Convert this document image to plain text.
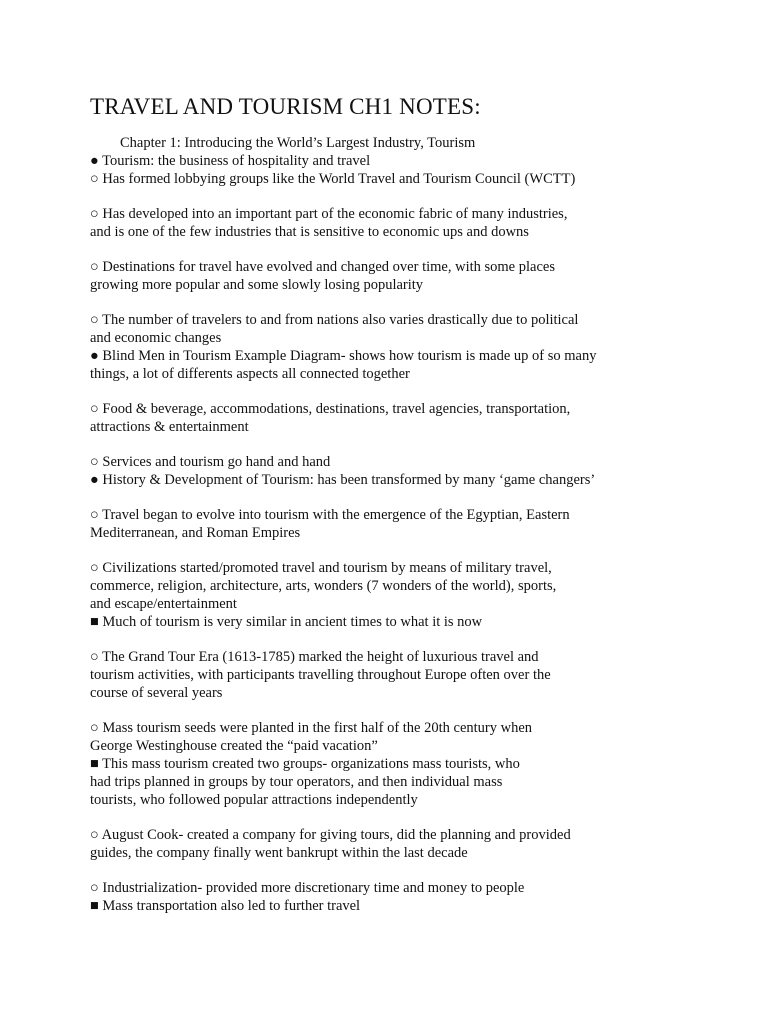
TRAVEL AND TOURISM CH1 NOTES:
Chapter 1: Introducing the World’s Largest Industry, Tourism
● Tourism: the business of hospitality and travel
○ Has formed lobbying groups like the World Travel and Tourism Council (WCTT)
○ Has developed into an important part of the economic fabric of many industries,
and is one of the few industries that is sensitive to economic ups and downs
○ Destinations for travel have evolved and changed over time, with some places
growing more popular and some slowly losing popularity
○ The number of travelers to and from nations also varies drastically due to political
and economic changes
● Blind Men in Tourism Example Diagram- shows how tourism is made up of so many
things, a lot of differents aspects all connected together
○ Food & beverage, accommodations, destinations, travel agencies, transportation,
attractions & entertainment
○ Services and tourism go hand and hand
● History & Development of Tourism: has been transformed by many ‘game changers’
○ Travel began to evolve into tourism with the emergence of the Egyptian, Eastern
Mediterranean, and Roman Empires
○ Civilizations started/promoted travel and tourism by means of military travel,
commerce, religion, architecture, arts, wonders (7 wonders of the world), sports,
and escape/entertainment
■ Much of tourism is very similar in ancient times to what it is now
○ The Grand Tour Era (1613-1785) marked the height of luxurious travel and
tourism activities, with participants travelling throughout Europe often over the
course of several years
○ Mass tourism seeds were planted in the first half of the 20th century when
George Westinghouse created the “paid vacation”
■ This mass tourism created two groups- organizations mass tourists, who
had trips planned in groups by tour operators, and then individual mass
tourists, who followed popular attractions independently
○ August Cook- created a company for giving tours, did the planning and provided
guides, the company finally went bankrupt within the last decade
○ Industrialization- provided more discretionary time and money to people
■ Mass transportation also led to further travel
